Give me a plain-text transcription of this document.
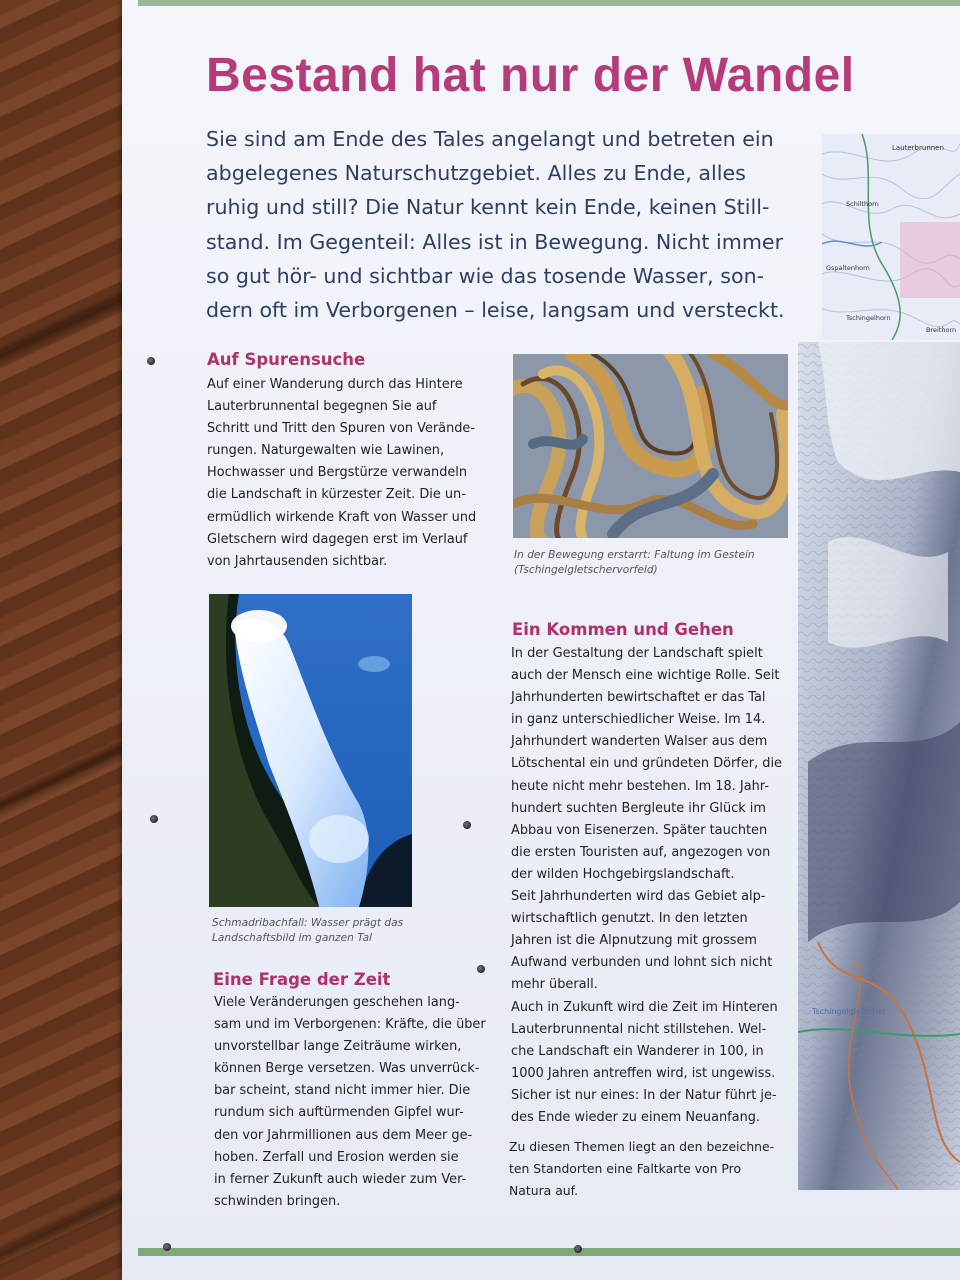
Bestand hat nur der Wandel

Sie sind am Ende des Tales angelangt und betreten ein
abgelegenes Naturschutzgebiet. Alles zu Ende, alles
ruhig und still? Die Natur kennt kein Ende, keinen Still-
stand. Im Gegenteil: Alles ist in Bewegung. Nicht immer
so gut hör- und sichtbar wie das tosende Wasser, son-
dern oft im Verborgenen – leise, langsam und versteckt.

Auf Spurensuche

Auf einer Wanderung durch das Hintere
Lauterbrunnental begegnen Sie auf
Schritt und Tritt den Spuren von Verände-
rungen. Naturgewalten wie Lawinen,
Hochwasser und Bergstürze verwandeln
die Landschaft in kürzester Zeit. Die un-
ermüdlich wirkende Kraft von Wasser und
Gletschern wird dagegen erst im Verlauf
von Jahrtausenden sichtbar.	In der Bewegung erstarrt: Faltung im Gestein
(Tschingelgletschervorfeld)

Schmadribachfall: Wasser prägt das
Landschaftsbild im ganzen Tal

Ein Kommen und Gehen

In der Gestaltung der Landschaft spielt
auch der Mensch eine wichtige Rolle. Seit
Jahrhunderten bewirtschaftet er das Tal
in ganz unterschiedlicher Weise. Im 14.
Jahrhundert wanderten Walser aus dem
Lötschental ein und gründeten Dörfer, die
heute nicht mehr bestehen. Im 18. Jahr-
hundert suchten Bergleute ihr Glück im
Abbau von Eisenerzen. Später tauchten
die ersten Touristen auf, angezogen von
der wilden Hochgebirgslandschaft.
Seit Jahrhunderten wird das Gebiet alp-
wirtschaftlich genutzt. In den letzten
Jahren ist die Alpnutzung mit grossem
Aufwand verbunden und lohnt sich nicht
mehr überall.
Auch in Zukunft wird die Zeit im Hinteren
Lauterbrunnental nicht stillstehen. Wel-
che Landschaft ein Wanderer in 100, in
1000 Jahren antreffen wird, ist ungewiss.
Sicher ist nur eines: In der Natur führt je-
des Ende wieder zu einem Neuanfang.

Zu diesen Themen liegt an den bezeichne-
ten Standorten eine Faltkarte von Pro
Natura auf.

Eine Frage der Zeit

Viele Veränderungen geschehen lang-
sam und im Verborgenen: Kräfte, die über
unvorstellbar lange Zeiträume wirken,
können Berge versetzen. Was unverrück-
bar scheint, stand nicht immer hier. Die
rundum sich auftürmenden Gipfel wur-
den vor Jahrmillionen aus dem Meer ge-
hoben. Zerfall und Erosion werden sie
in ferner Zukunft auch wieder zum Ver-
schwinden bringen.

Lauterbrunnen
Schilthorn
Gspaltenhorn
Tschingelhorn
Breithorn
Tschingelgletscher
